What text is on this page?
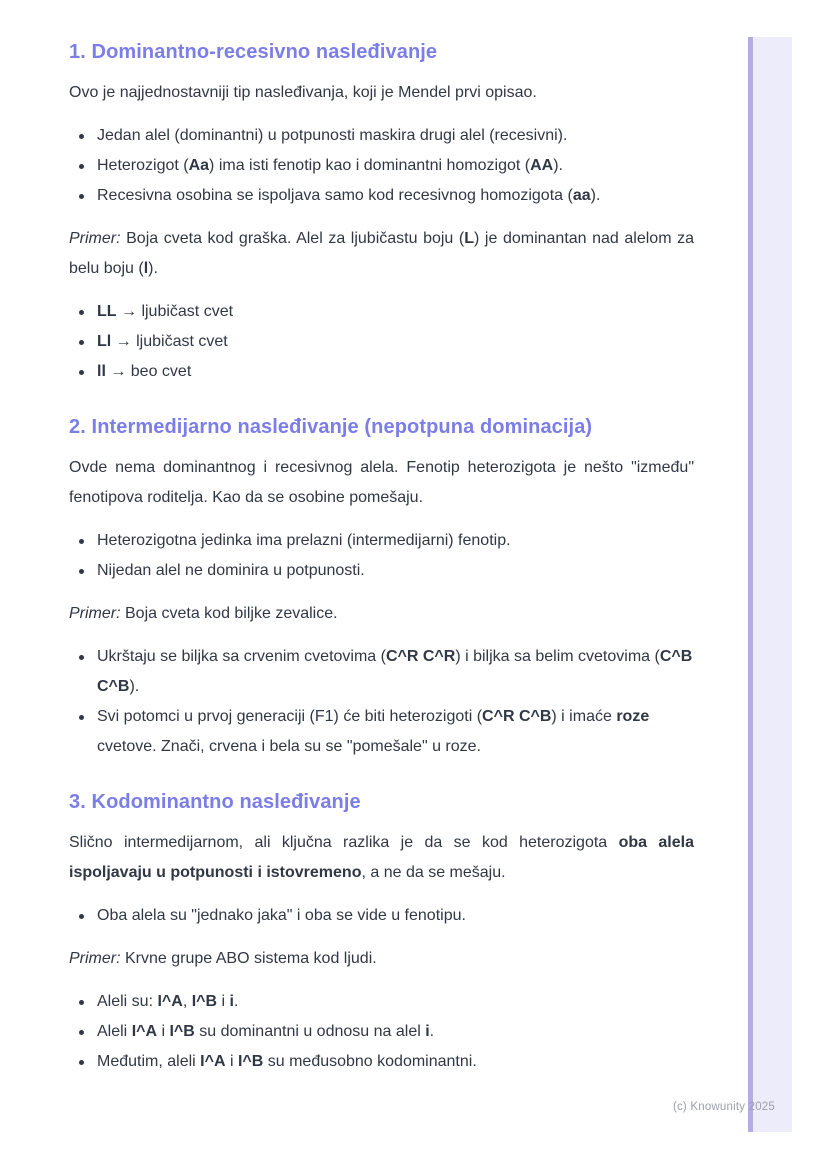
1. Dominantno-recesivno nasleđivanje

Ovo je najjednostavniji tip nasleđivanja, koji je Mendel prvi opisao.

Jedan alel (dominantni) u potpunosti maskira drugi alel (recesivni).
Heterozigot (Aa) ima isti fenotip kao i dominantni homozigot (AA).
Recesivna osobina se ispoljava samo kod recesivnog homozigota (aa).

Primer: Boja cveta kod graška. Alel za ljubičastu boju (L) je dominantan nad alelom za belu boju (l).

LL → ljubičast cvet
Ll → ljubičast cvet
ll → beo cvet
2. Intermedijarno nasleđivanje (nepotpuna dominacija)

Ovde nema dominantnog i recesivnog alela. Fenotip heterozigota je nešto "između" fenotipova roditelja. Kao da se osobine pomešaju.

Heterozigotna jedinka ima prelazni (intermedijarni) fenotip.
Nijedan alel ne dominira u potpunosti.

Primer: Boja cveta kod biljke zevalice.

Ukrštaju se biljka sa crvenim cvetovima (C^R C^R) i biljka sa belim cvetovima (C^B C^B).
Svi potomci u prvoj generaciji (F1) će biti heterozigoti (C^R C^B) i imaće roze cvetove. Znači, crvena i bela su se "pomešale" u roze.
3. Kodominantno nasleđivanje

Slično intermedijarnom, ali ključna razlika je da se kod heterozigota oba alela ispoljavaju u potpunosti i istovremeno, a ne da se mešaju.

Oba alela su "jednako jaka" i oba se vide u fenotipu.

Primer: Krvne grupe ABO sistema kod ljudi.

Aleli su: I^A, I^B i i.
Aleli I^A i I^B su dominantni u odnosu na alel i.
Međutim, aleli I^A i I^B su međusobno kodominantni.
(c) Knowunity 2025
